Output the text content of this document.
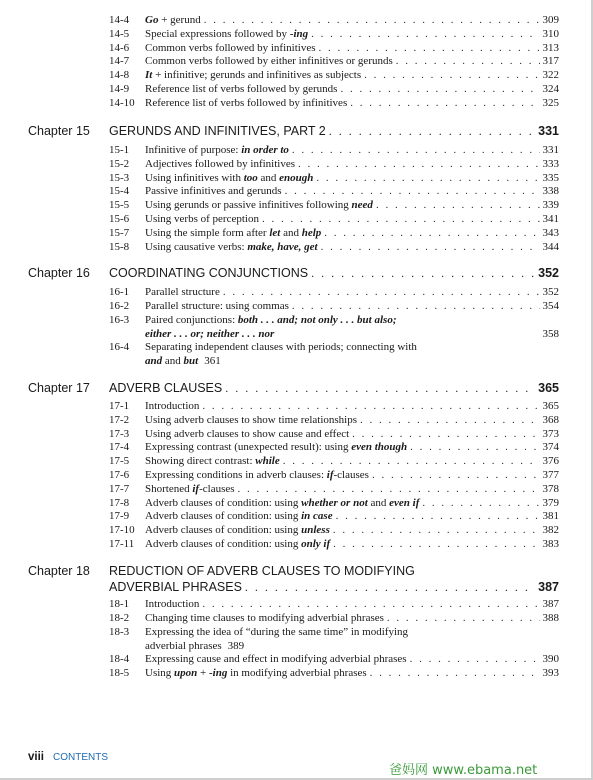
14-4 Go + gerund . . .	309
14-5 Special expressions followed by -ing . . .	310
14-6 Common verbs followed by infinitives . . .	313
14-7 Common verbs followed by either infinitives or gerunds . . .	317
14-8 It + infinitive; gerunds and infinitives as subjects . . .	322
14-9 Reference list of verbs followed by gerunds . . .	324
14-10 Reference list of verbs followed by infinitives . . .	325
Chapter 15 GERUNDS AND INFINITIVES, PART 2 . . .	331
15-1 Infinitive of purpose: in order to . . .	331
15-2 Adjectives followed by infinitives . . .	333
15-3 Using infinitives with too and enough . . .	335
15-4 Passive infinitives and gerunds . . .	338
15-5 Using gerunds or passive infinitives following need . . .	339
15-6 Using verbs of perception . . .	341
15-7 Using the simple form after let and help . . .	343
15-8 Using causative verbs: make, have, get . . .	344
Chapter 16 COORDINATING CONJUNCTIONS . . .	352
16-1 Parallel structure . . .	352
16-2 Parallel structure: using commas . . .	354
16-3 Paired conjunctions: both . . . and; not only . . . but also;
either . . . or; neither . . . nor	358
16-4 Separating independent clauses with periods; connecting with
and and but 361
Chapter 17 ADVERB CLAUSES . . .	365
17-1 Introduction . . .	365
17-2 Using adverb clauses to show time relationships . . .	368
17-3 Using adverb clauses to show cause and effect . . .	373
17-4 Expressing contrast (unexpected result): using even though . . .	374
17-5 Showing direct contrast: while . . .	376
17-6 Expressing conditions in adverb clauses: if-clauses . . .	377
17-7 Shortened if-clauses . . .	378
17-8 Adverb clauses of condition: using whether or not and even if . . .	379
17-9 Adverb clauses of condition: using in case . . .	381
17-10 Adverb clauses of condition: using unless . . .	382
17-11 Adverb clauses of condition: using only if . . .	383
Chapter 18 REDUCTION OF ADVERB CLAUSES TO MODIFYING
ADVERBIAL PHRASES . . .	387
18-1 Introduction . . .	387
18-2 Changing time clauses to modifying adverbial phrases . . .	388
18-3 Expressing the idea of “during the same time” in modifying
adverbial phrases 389
18-4 Expressing cause and effect in modifying adverbial phrases . . .	390
18-5 Using upon + -ing in modifying adverbial phrases . . .	393
viii CONTENTS
爸妈网 www.ebama.net
